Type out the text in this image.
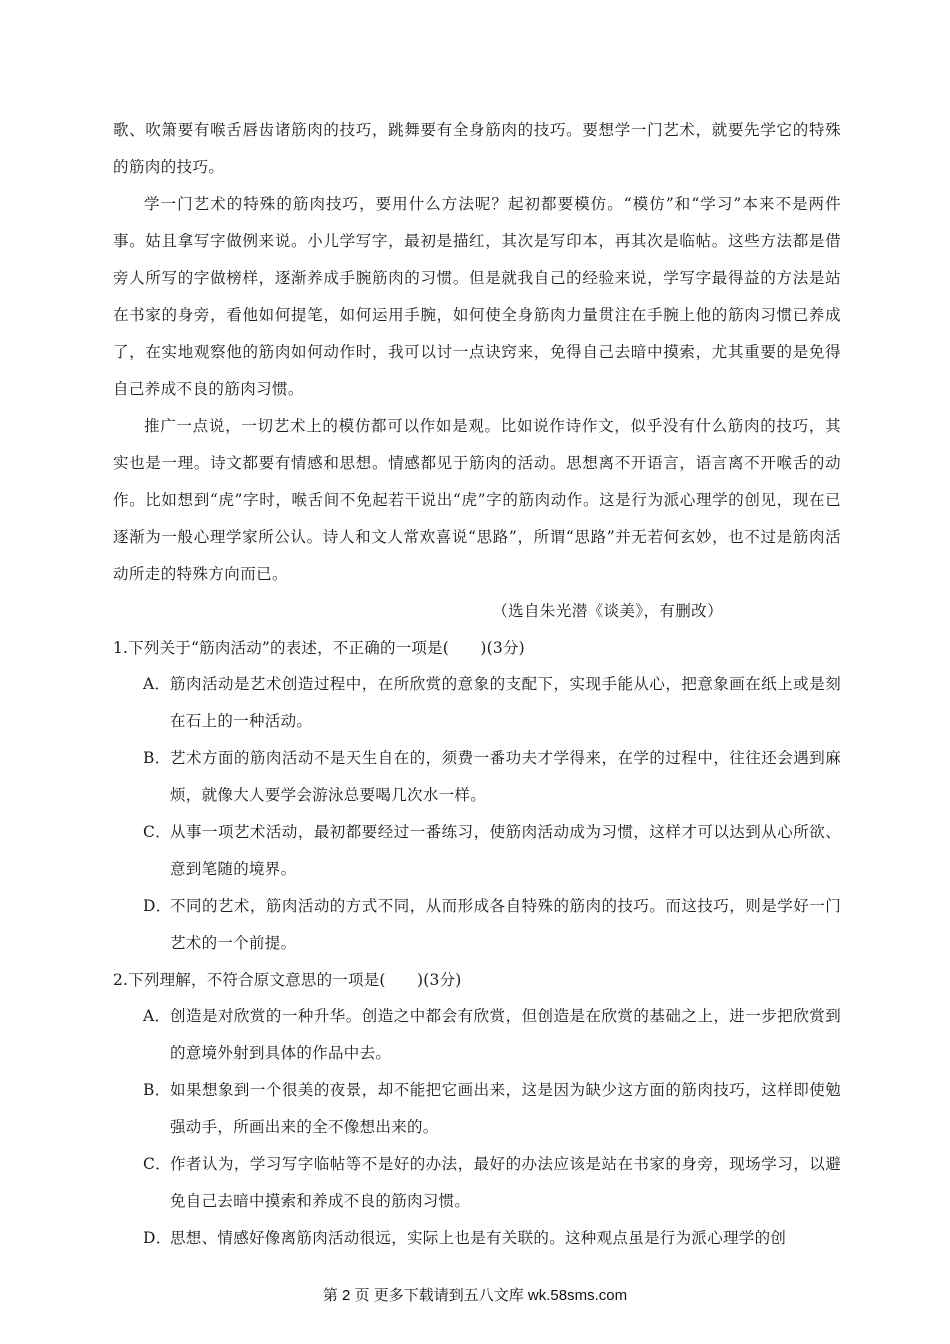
歌、吹箫要有喉舌唇齿诸筋肉的技巧，跳舞要有全身筋肉的技巧。要想学一门艺术，就要先学它的特殊的筋肉的技巧。

学一门艺术的特殊的筋肉技巧，要用什么方法呢？起初都要模仿。“模仿”和“学习”本来不是两件事。姑且拿写字做例来说。小儿学写字，最初是描红，其次是写印本，再其次是临帖。这些方法都是借旁人所写的字做榜样，逐渐养成手腕筋肉的习惯。但是就我自己的经验来说，学写字最得益的方法是站在书家的身旁，看他如何提笔，如何运用手腕，如何使全身筋肉力量贯注在手腕上他的筋肉习惯已养成了，在实地观察他的筋肉如何动作时，我可以讨一点诀窍来，免得自己去暗中摸索，尤其重要的是免得自己养成不良的筋肉习惯。

推广一点说，一切艺术上的模仿都可以作如是观。比如说作诗作文，似乎没有什么筋肉的技巧，其实也是一理。诗文都要有情感和思想。情感都见于筋肉的活动。思想离不开语言，语言离不开喉舌的动作。比如想到“虎”字时，喉舌间不免起若干说出“虎”字的筋肉动作。这是行为派心理学的创见，现在已逐渐为一般心理学家所公认。诗人和文人常欢喜说“思路”，所谓“思路”并无若何玄妙，也不过是筋肉活动所走的特殊方向而已。

（选自朱光潜《谈美》，有删改）

1.下列关于“筋肉活动”的表述，不正确的一项是(　　)(3分)

A． 筋肉活动是艺术创造过程中，在所欣赏的意象的支配下，实现手能从心，把意象画在纸上或是刻在石上的一种活动。
B． 艺术方面的筋肉活动不是天生自在的，须费一番功夫才学得来，在学的过程中，往往还会遇到麻烦，就像大人要学会游泳总要喝几次水一样。
C． 从事一项艺术活动，最初都要经过一番练习，使筋肉活动成为习惯，这样才可以达到从心所欲、意到笔随的境界。
D．
不同的艺术，筋肉活动的方式不同，从而形成各自特殊的筋肉的技巧。而这技巧，则是学好一门艺术的一个前提。

2.下列理解，不符合原文意思的一项是(　　)(3分)

A． 创造是对欣赏的一种升华。创造之中都会有欣赏，但创造是在欣赏的基础之上，进一步把欣赏到的意境外射到具体的作品中去。
B． 如果想象到一个很美的夜景，却不能把它画出来，这是因为缺少这方面的筋肉技巧，这样即使勉强动手，所画出来的全不像想出来的。
C． 作者认为，学习写字临帖等不是好的办法，最好的办法应该是站在书家的身旁，现场学习，以避免自己去暗中摸索和养成不良的筋肉习惯。
D．
思想、情感好像离筋肉活动很远，实际上也是有关联的。这种观点虽是行为派心理学的创
第 2 页 更多下载请到五八文库 wk.58sms.com
